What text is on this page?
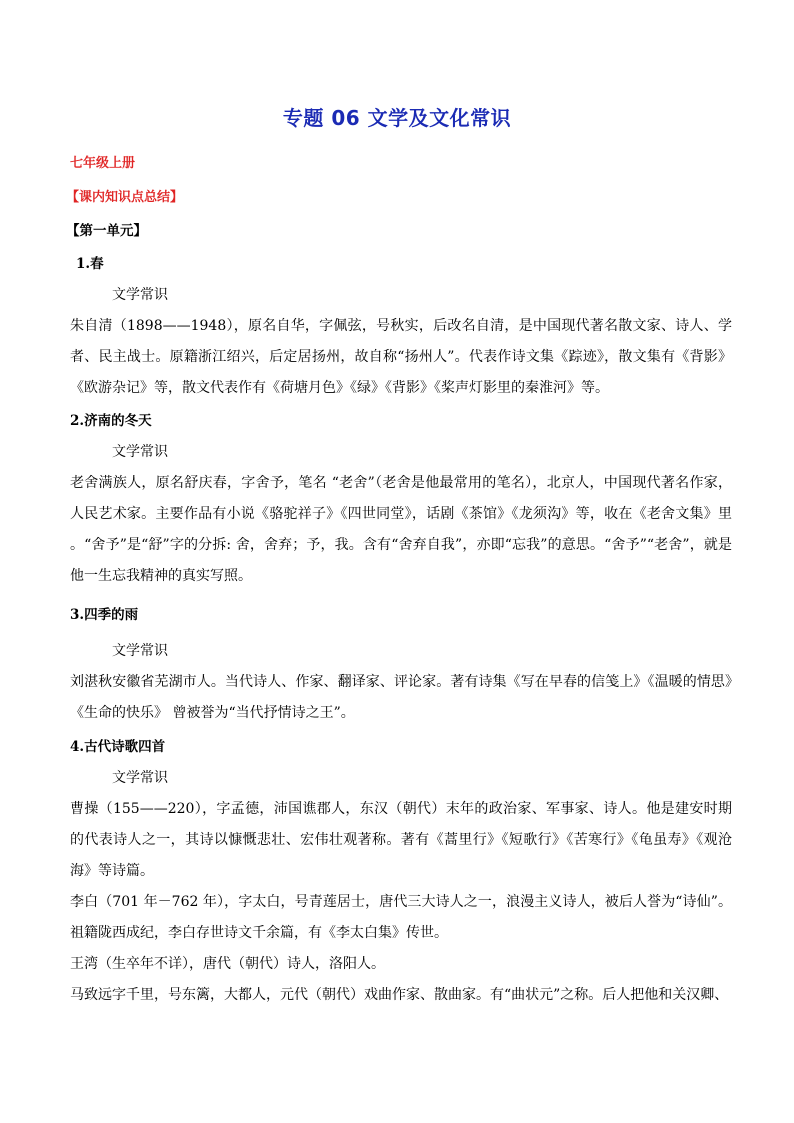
专题 06 文学及文化常识
七年级上册
【课内知识点总结】
【第一单元】
1.春
文学常识
朱自清（1898——1948），原名自华，字佩弦，号秋实，后改名自清，是中国现代著名散文家、诗人、学者、民主战士。原籍浙江绍兴，后定居扬州，故自称“扬州人”。代表作诗文集《踪迹》，散文集有《背影》《欧游杂记》等，散文代表作有《荷塘月色》《绿》《背影》《桨声灯影里的秦淮河》等。
2.济南的冬天
文学常识
老舍满族人，原名舒庆春，字舍予，笔名 “老舍”（老舍是他最常用的笔名），北京人，中国现代著名作家，人民艺术家。主要作品有小说《骆驼祥子》《四世同堂》，话剧《茶馆》《龙须沟》等，收在《老舍文集》里 。“舍予”是“舒”字的分拆: 舍，舍弃；予，我。含有“舍弃自我”，亦即“忘我”的意思。“舍予”“老舍”，就是他一生忘我精神的真实写照。
3.四季的雨
文学常识
刘湛秋安徽省芜湖市人。当代诗人、作家、翻译家、评论家。著有诗集《写在早春的信笺上》《温暖的情思》《生命的快乐》 曾被誉为“当代抒情诗之王”。
4.古代诗歌四首
文学常识

曹操（155——220），字孟德，沛国谯郡人，东汉（朝代）末年的政治家、军事家、诗人。他是建安时期的代表诗人之一，其诗以慷慨悲壮、宏伟壮观著称。著有《蒿里行》《短歌行》《苦寒行》《龟虽寿》《观沧海》等诗篇。

李白（701 年－762 年），字太白，号青莲居士，唐代三大诗人之一，浪漫主义诗人，被后人誉为“诗仙”。祖籍陇西成纪，李白存世诗文千余篇，有《李太白集》传世。

王湾（生卒年不详），唐代（朝代）诗人，洛阳人。

马致远字千里，号东篱，大都人，元代（朝代）戏曲作家、散曲家。有“曲状元”之称。后人把他和关汉卿、
